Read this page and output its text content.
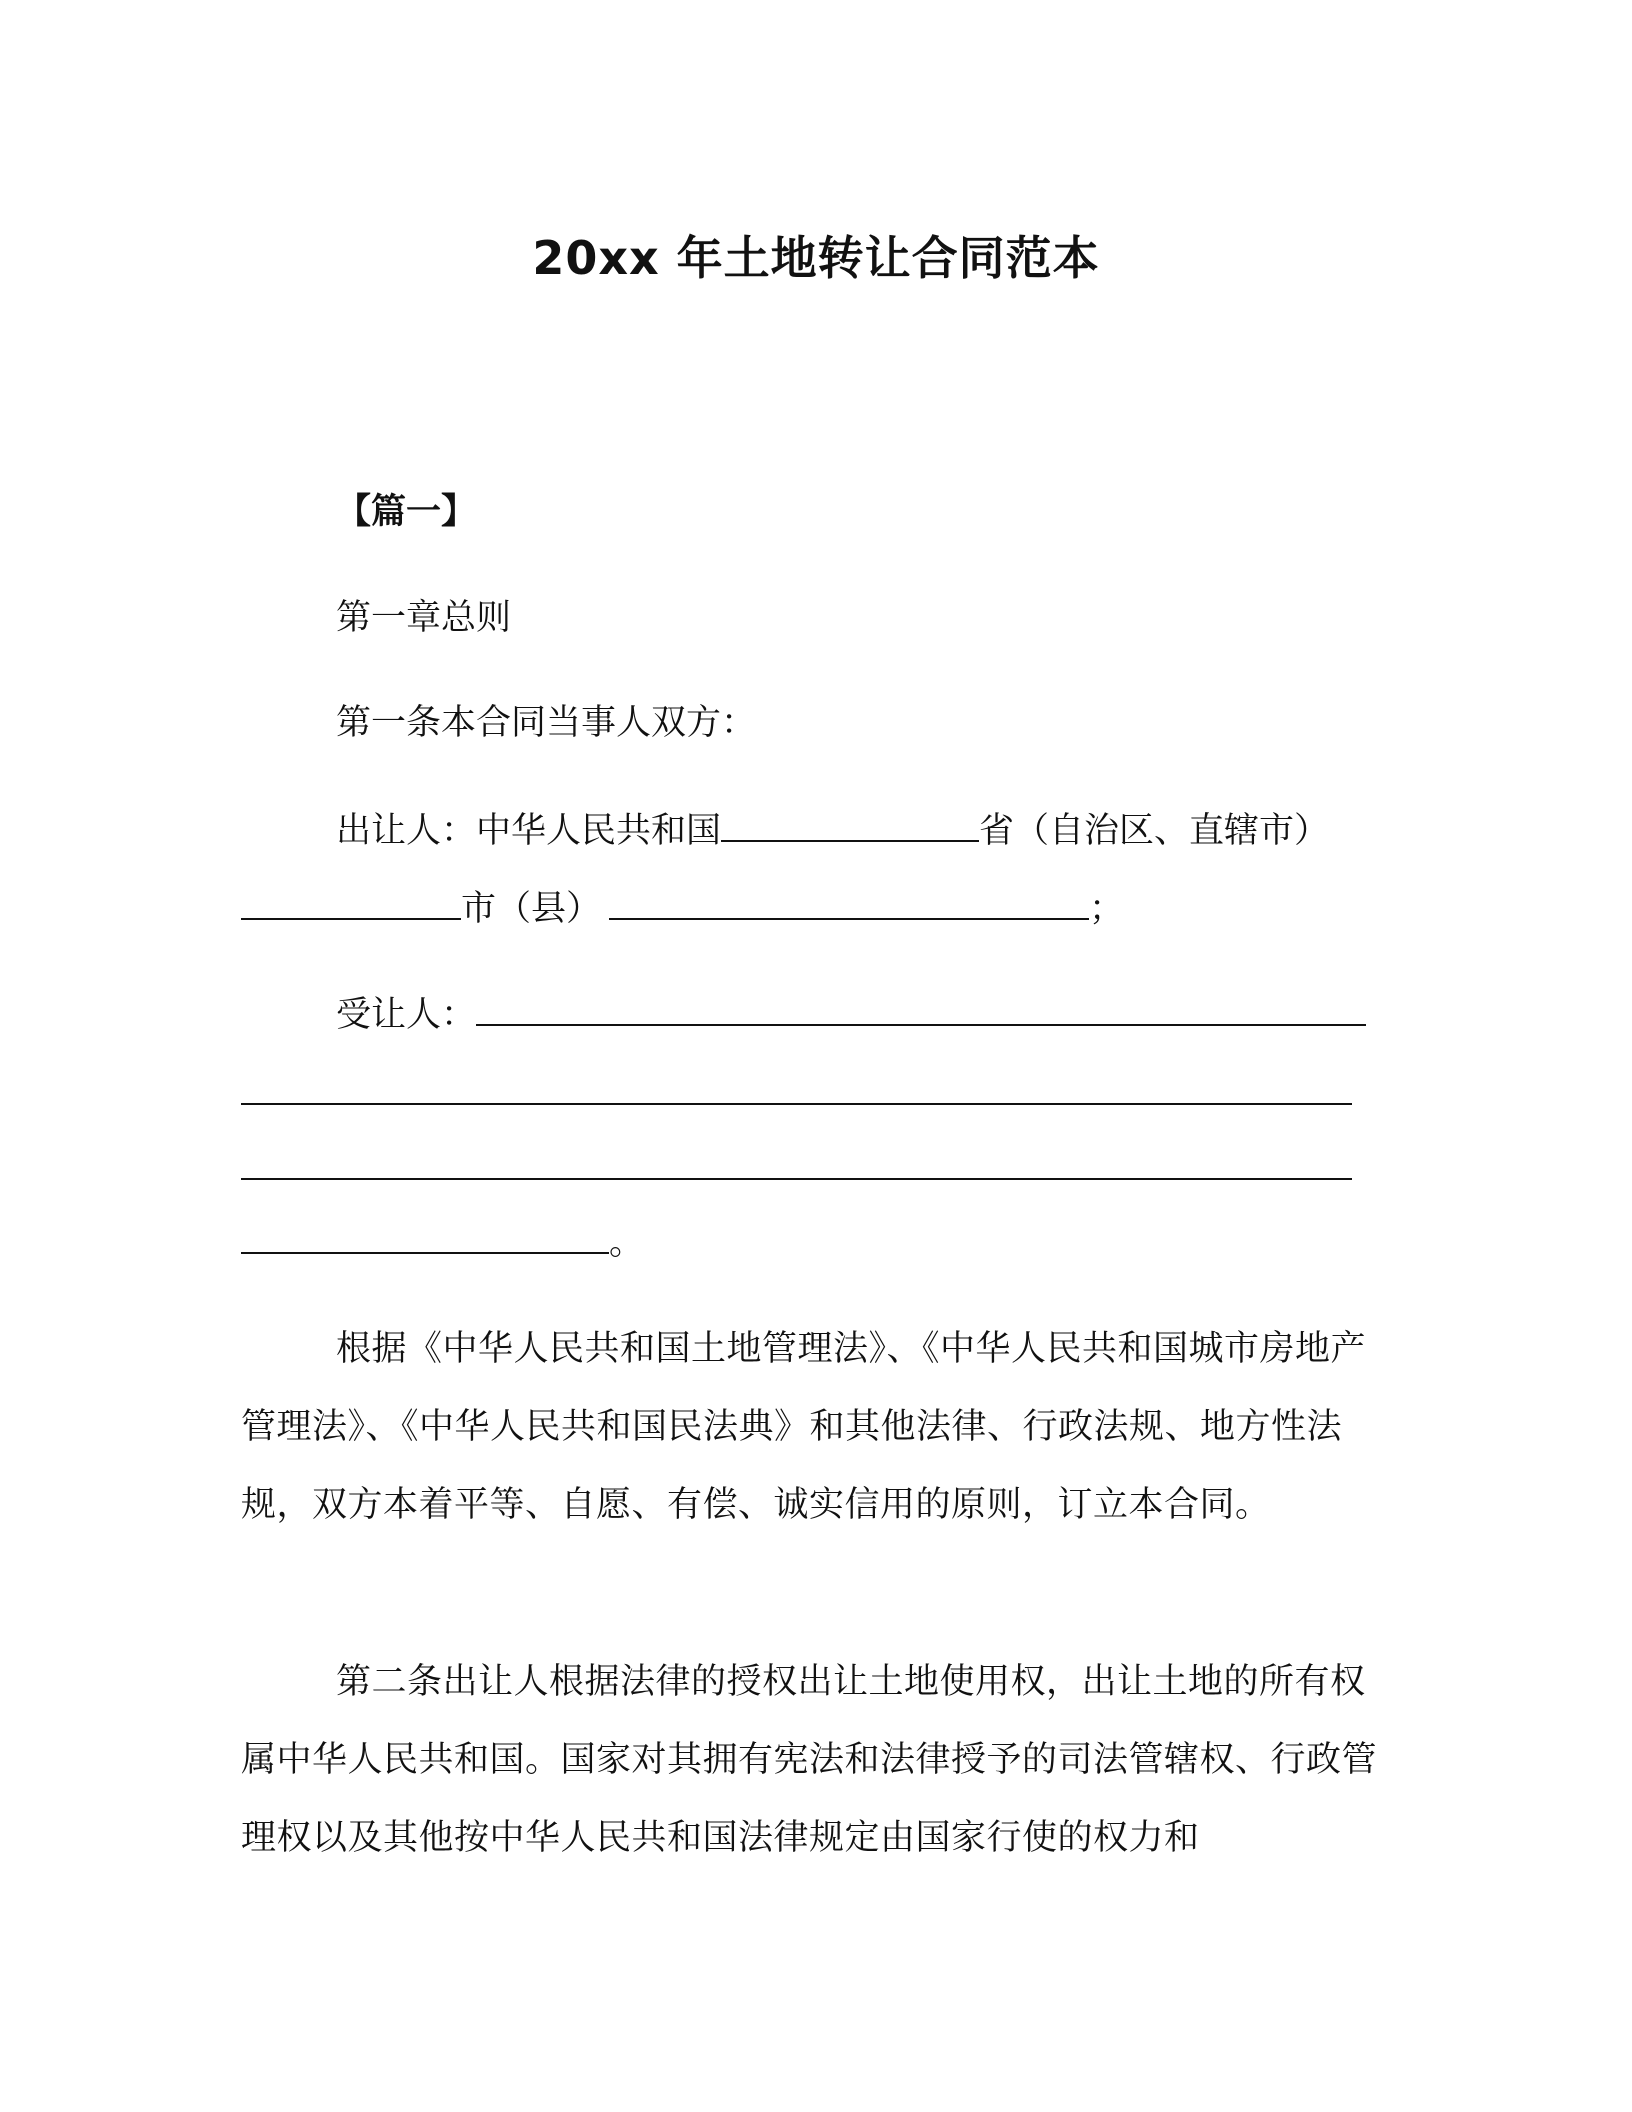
20xx 年土地转让合同范本
【篇一】
第一章总则
第一条本合同当事人双方：
出让人：中华人民共和国	省（自治区、直辖市）
市（县）	；
受让人：
。
根据《中华人民共和国土地管理法》、《中华人民共和国城市房地产管理法》、《中华人民共和国民法典》和其他法律、行政法规、地方性法规，双方本着平等、自愿、有偿、诚实信用的原则，订立本合同。
第二条出让人根据法律的授权出让土地使用权，出让土地的所有权属中华人民共和国。国家对其拥有宪法和法律授予的司法管辖权、行政管理权以及其他按中华人民共和国法律规定由国家行使的权力和
